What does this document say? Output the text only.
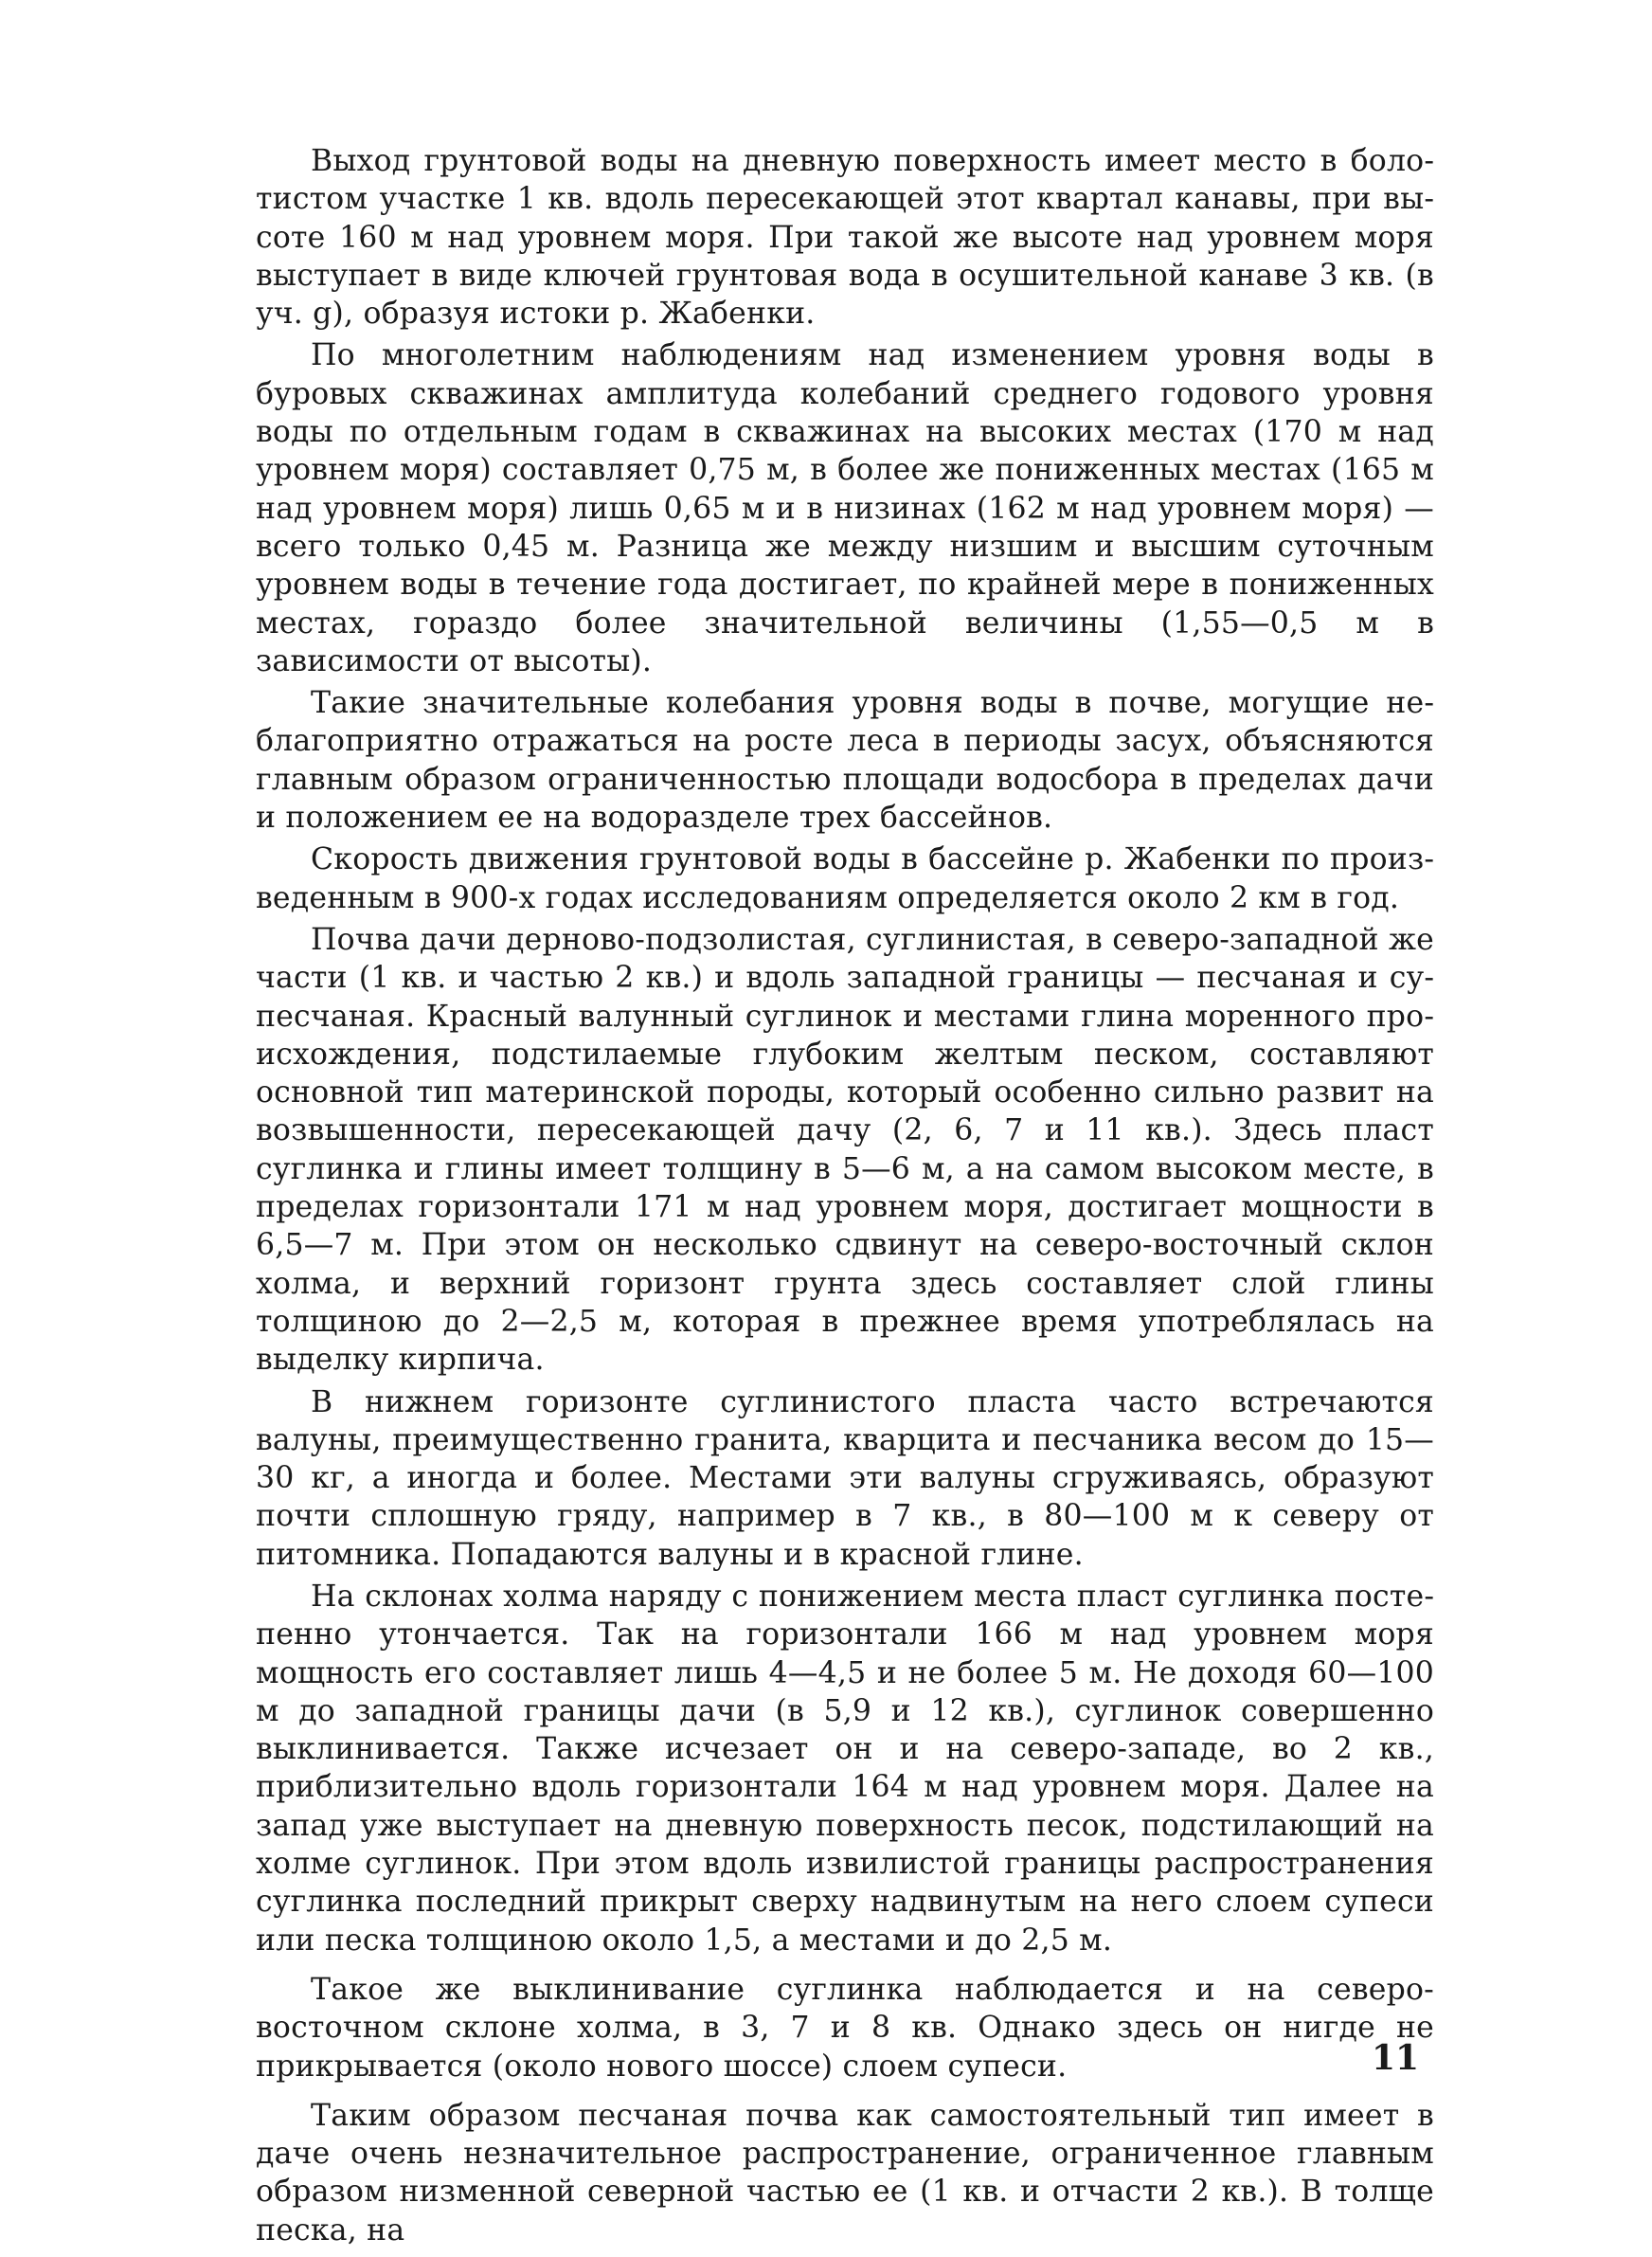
Выход грунтовой воды на дневную поверхность имеет место в болотистом участке 1 кв. вдоль пересекающей этот квартал канавы, при высоте 160 м над уровнем моря. При такой же высоте над уровнем моря выступает в виде ключей грунтовая вода в осушительной канаве 3 кв. (в уч. g), образуя истоки р. Жабенки.

По многолетним наблюдениям над изменением уровня воды в буровых скважинах амплитуда колебаний среднего годового уровня воды по отдельным годам в скважинах на высоких местах (170 м над уровнем моря) составляет 0,75 м, в более же пониженных местах (165 м над уровнем моря) лишь 0,65 м и в низинах (162 м над уровнем моря) — всего только 0,45 м. Разница же между низшим и высшим суточным уровнем воды в течение года достигает, по крайней мере в пониженных местах, гораздо более значительной величины (1,55—0,5 м в зависимости от высоты).

Такие значительные колебания уровня воды в почве, могущие неблагоприятно отражаться на росте леса в периоды засух, объясняются главным образом ограниченностью площади водосбора в пределах дачи и положением ее на водоразделе трех бассейнов.

Скорость движения грунтовой воды в бассейне р. Жабенки по произведенным в 900-х годах исследованиям определяется около 2 км в год.

Почва дачи дерново-подзолистая, суглинистая, в северо-западной же части (1 кв. и частью 2 кв.) и вдоль западной границы — песчаная и супесчаная. Красный валунный суглинок и местами глина моренного происхождения, подстилаемые глубоким желтым песком, составляют основной тип материнской породы, который особенно сильно развит на возвышенности, пересекающей дачу (2, 6, 7 и 11 кв.). Здесь пласт суглинка и глины имеет толщину в 5—6 м, а на самом высоком месте, в пределах горизонтали 171 м над уровнем моря, достигает мощности в 6,5—7 м. При этом он несколько сдвинут на северо-восточный склон холма, и верхний горизонт грунта здесь составляет слой глины толщиною до 2—2,5 м, которая в прежнее время употреблялась на выделку кирпича.

В нижнем горизонте суглинистого пласта часто встречаются валуны, преимущественно гранита, кварцита и песчаника весом до 15—30 кг, а иногда и более. Местами эти валуны сгруживаясь, образуют почти сплошную гряду, например в 7 кв., в 80—100 м к северу от питомника. Попадаются валуны и в красной глине.

На склонах холма наряду с понижением места пласт суглинка постепенно утончается. Так на горизонтали 166 м над уровнем моря мощность его составляет лишь 4—4,5 и не более 5 м. Не доходя 60—100 м до западной границы дачи (в 5,9 и 12 кв.), суглинок совершенно выклинивается. Также исчезает он и на северо-западе, во 2 кв., приблизительно вдоль горизонтали 164 м над уровнем моря. Далее на запад уже выступает на дневную поверхность песок, подстилающий на холме суглинок. При этом вдоль извилистой границы распространения суглинка последний прикрыт сверху надвинутым на него слоем супеси или песка толщиною около 1,5, а местами и до 2,5 м.

Такое же выклинивание суглинка наблюдается и на северо-восточном склоне холма, в 3, 7 и 8 кв. Однако здесь он нигде не прикрывается (около нового шоссе) слоем супеси.

Таким образом песчаная почва как самостоятельный тип имеет в даче очень незначительное распространение, ограниченное главным образом низменной северной частью ее (1 кв. и отчасти 2 кв.). В толще песка, на

11
